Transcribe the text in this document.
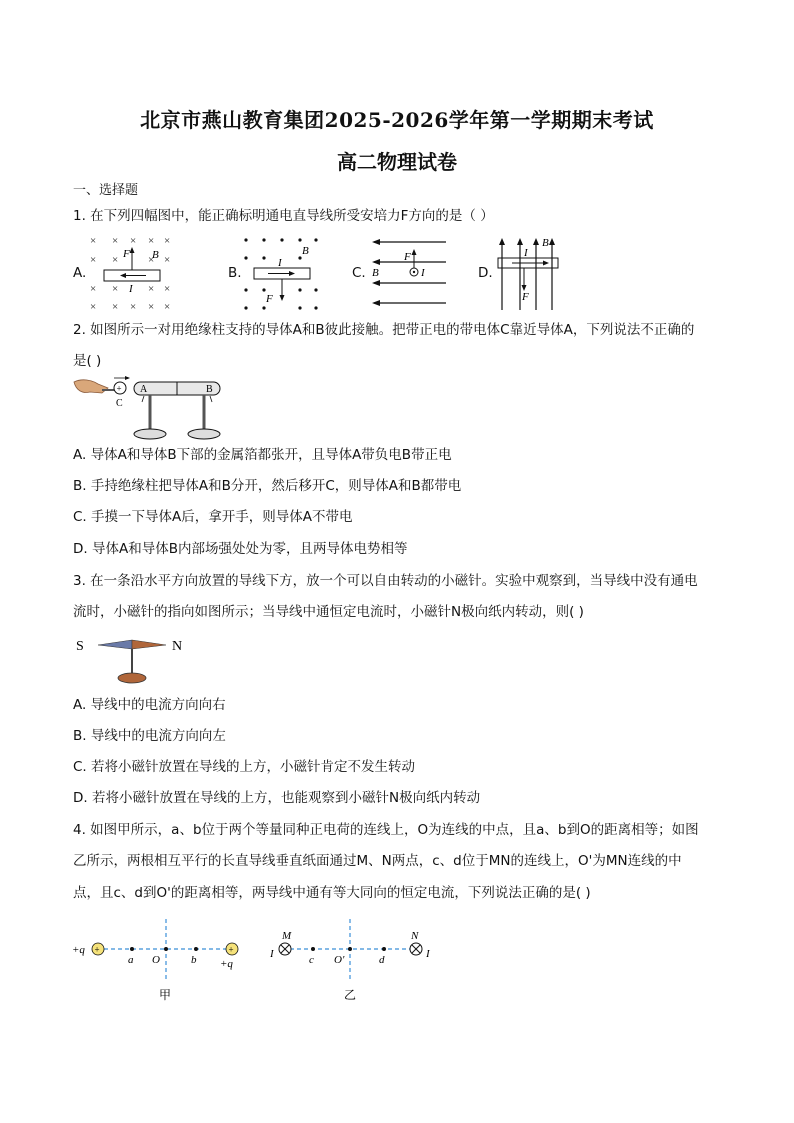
北京市燕山教育集团2025-2026学年第一学期期末考试
高二物理试卷
一、选择题
1. 在下列四幅图中，能正确标明通电直导线所受安培力F方向的是（ ）
A.
× × × × ×
× ×	× ×
×	× ×
× × × × ×
×
F B
I
B.
I
B
F
C.
F
B	I	D.
I
B
F
2. 如图所示一对用绝缘柱支持的导体A和B彼此接触。把带正电的带电体C靠近导体A，下列说法不正确的
是( )
+
C
A	B
A. 导体A和导体B下部的金属箔都张开，且导体A带负电B带正电
B. 手持绝缘柱把导体A和B分开，然后移开C，则导体A和B都带电
C. 手摸一下导体A后，拿开手，则导体A不带电
D. 导体A和导体B内部场强处处为零，且两导体电势相等
3. 在一条沿水平方向放置的导线下方，放一个可以自由转动的小磁针。实验中观察到，当导线中没有通电
流时，小磁针的指向如图所示；当导线中通恒定电流时，小磁针N极向纸内转动，则( )
S	N
A. 导线中的电流方向向右
B. 导线中的电流方向向左
C. 若将小磁针放置在导线的上方，小磁针肯定不发生转动
D. 若将小磁针放置在导线的上方，也能观察到小磁针N极向纸内转动
4. 如图甲所示，a、b位于两个等量同种正电荷的连线上，O为连线的中点，且a、b到O的距离相等；如图
乙所示，两根相互平行的长直导线垂直纸面通过M、N两点，c、d位于MN的连线上，O'为MN连线的中
点，且c、d到O'的距离相等，两导线中通有等大同向的恒定电流，下列说法正确的是( )
+	+
+q
+q
a O	b
甲
M	N
I	I
c O'	d
乙
